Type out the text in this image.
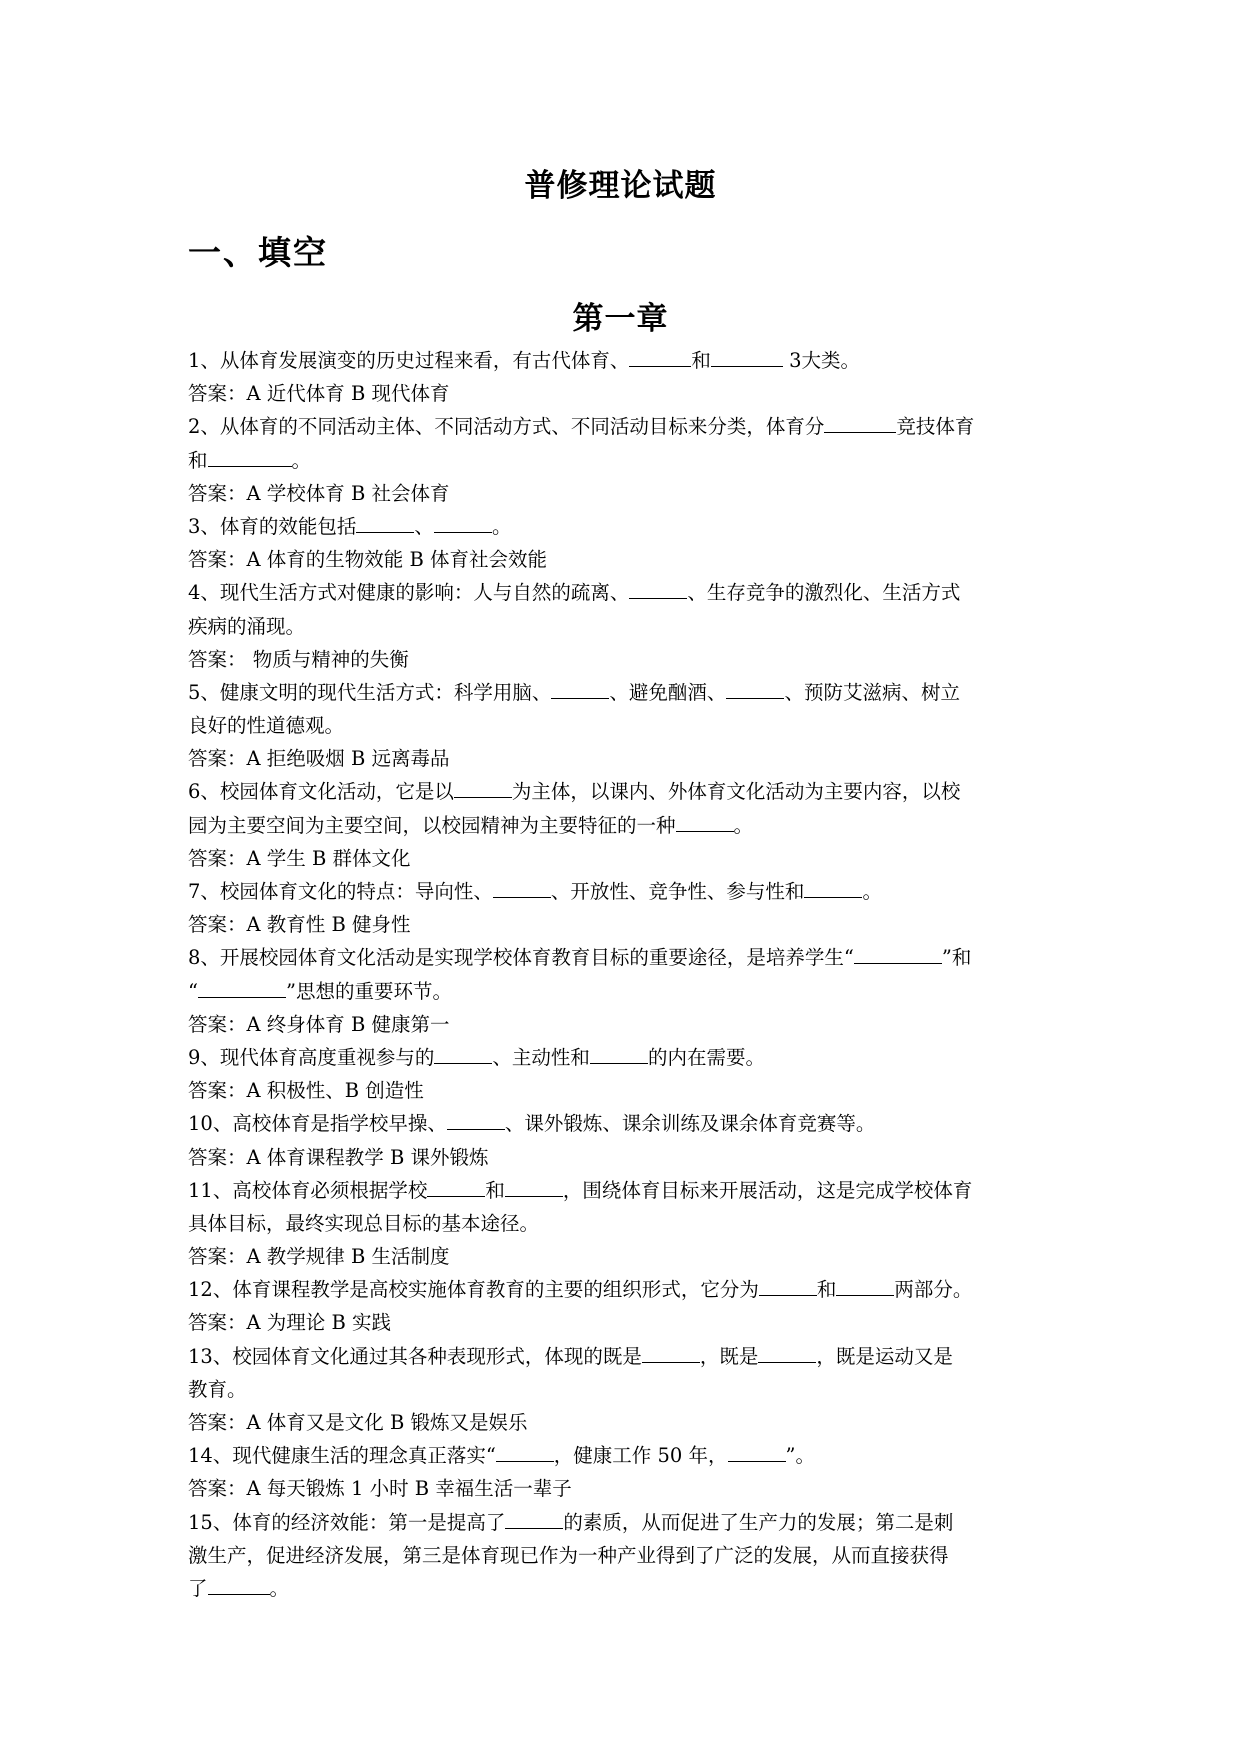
普修理论试题
一、填空
第一章
1、从体育发展演变的历史过程来看，有古代体育、	和	3大类。
答案：A 近代体育 B 现代体育
2、从体育的不同活动主体、不同活动方式、不同活动目标来分类，体育分	竞技体育
和	。
答案：A 学校体育 B 社会体育
3、体育的效能包括	、	。
答案：A 体育的生物效能 B 体育社会效能
4、现代生活方式对健康的影响：人与自然的疏离、	、生存竞争的激烈化、生活方式
疾病的涌现。
答案： 物质与精神的失衡
5、健康文明的现代生活方式：科学用脑、	、避免酗酒、	、预防艾滋病、树立
良好的性道德观。
答案：A 拒绝吸烟 B 远离毒品
6、校园体育文化活动，它是以	为主体，以课内、外体育文化活动为主要内容，以校
园为主要空间为主要空间，以校园精神为主要特征的一种	。
答案：A 学生 B 群体文化
7、校园体育文化的特点：导向性、	、开放性、竞争性、参与性和	。
答案：A 教育性 B 健身性
8、开展校园体育文化活动是实现学校体育教育目标的重要途径，是培养学生“	”和
“	”思想的重要环节。
答案：A 终身体育 B 健康第一
9、现代体育高度重视参与的	、主动性和	的内在需要。
答案：A 积极性、B 创造性
10、高校体育是指学校早操、	、课外锻炼、课余训练及课余体育竞赛等。
答案：A 体育课程教学 B 课外锻炼
11、高校体育必须根据学校	和	，围绕体育目标来开展活动，这是完成学校体育
具体目标，最终实现总目标的基本途径。
答案：A 教学规律 B 生活制度
12、体育课程教学是高校实施体育教育的主要的组织形式，它分为	和	两部分。
答案：A 为理论 B 实践
13、校园体育文化通过其各种表现形式，体现的既是	，既是	，既是运动又是
教育。
答案：A 体育又是文化 B 锻炼又是娱乐
14、现代健康生活的理念真正落实“	，健康工作 50 年，	”。
答案：A 每天锻炼 1 小时 B 幸福生活一辈子
15、体育的经济效能：第一是提高了	的素质，从而促进了生产力的发展；第二是刺
激生产，促进经济发展，第三是体育现已作为一种产业得到了广泛的发展，从而直接获得
了	。
